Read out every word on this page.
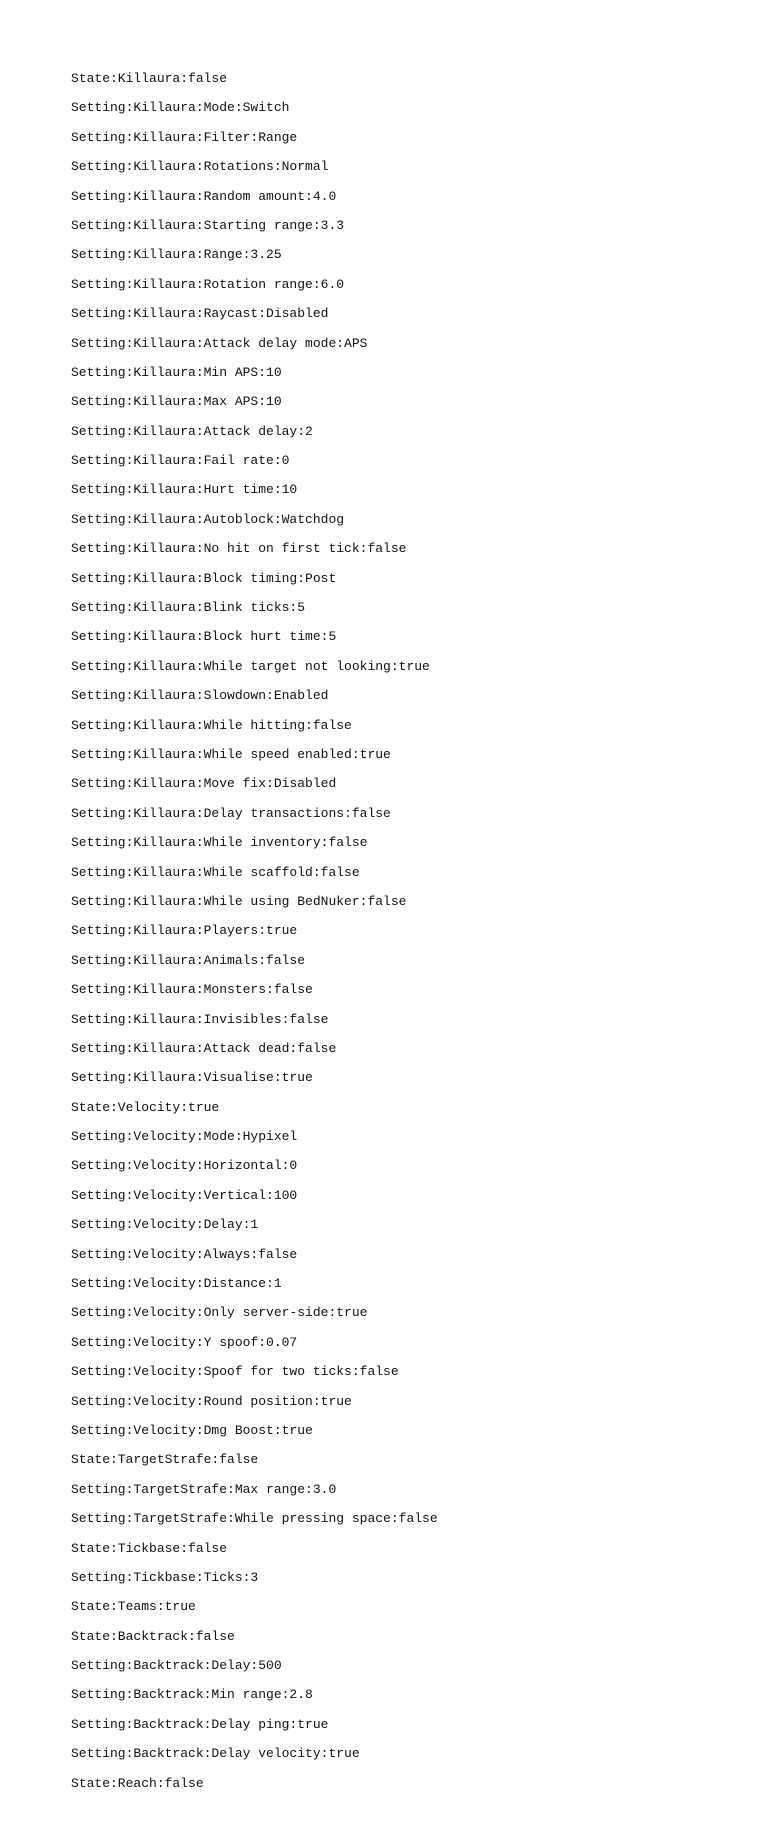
State:Killaura:false

Setting:Killaura:Mode:Switch

Setting:Killaura:Filter:Range

Setting:Killaura:Rotations:Normal

Setting:Killaura:Random amount:4.0

Setting:Killaura:Starting range:3.3

Setting:Killaura:Range:3.25

Setting:Killaura:Rotation range:6.0

Setting:Killaura:Raycast:Disabled

Setting:Killaura:Attack delay mode:APS

Setting:Killaura:Min APS:10

Setting:Killaura:Max APS:10

Setting:Killaura:Attack delay:2

Setting:Killaura:Fail rate:0

Setting:Killaura:Hurt time:10

Setting:Killaura:Autoblock:Watchdog

Setting:Killaura:No hit on first tick:false

Setting:Killaura:Block timing:Post

Setting:Killaura:Blink ticks:5

Setting:Killaura:Block hurt time:5

Setting:Killaura:While target not looking:true

Setting:Killaura:Slowdown:Enabled

Setting:Killaura:While hitting:false

Setting:Killaura:While speed enabled:true

Setting:Killaura:Move fix:Disabled

Setting:Killaura:Delay transactions:false

Setting:Killaura:While inventory:false

Setting:Killaura:While scaffold:false

Setting:Killaura:While using BedNuker:false

Setting:Killaura:Players:true

Setting:Killaura:Animals:false

Setting:Killaura:Monsters:false

Setting:Killaura:Invisibles:false

Setting:Killaura:Attack dead:false

Setting:Killaura:Visualise:true

State:Velocity:true

Setting:Velocity:Mode:Hypixel

Setting:Velocity:Horizontal:0

Setting:Velocity:Vertical:100

Setting:Velocity:Delay:1

Setting:Velocity:Always:false

Setting:Velocity:Distance:1

Setting:Velocity:Only server-side:true

Setting:Velocity:Y spoof:0.07

Setting:Velocity:Spoof for two ticks:false

Setting:Velocity:Round position:true

Setting:Velocity:Dmg Boost:true

State:TargetStrafe:false

Setting:TargetStrafe:Max range:3.0

Setting:TargetStrafe:While pressing space:false

State:Tickbase:false

Setting:Tickbase:Ticks:3

State:Teams:true

State:Backtrack:false

Setting:Backtrack:Delay:500

Setting:Backtrack:Min range:2.8

Setting:Backtrack:Delay ping:true

Setting:Backtrack:Delay velocity:true

State:Reach:false
